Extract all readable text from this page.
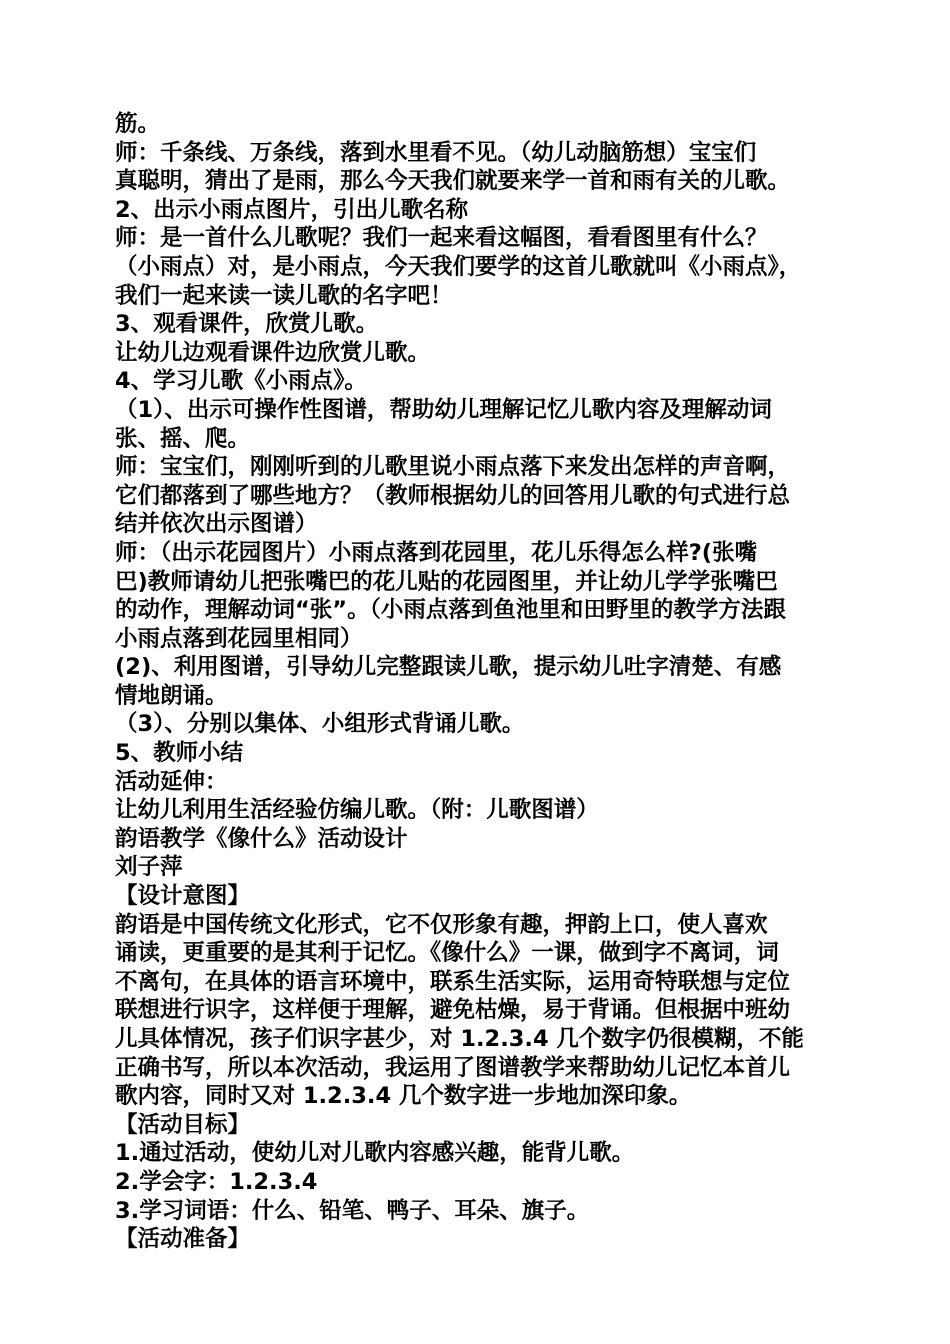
筋。
师：千条线、万条线，落到水里看不见。（幼儿动脑筋想）宝宝们
真聪明，猜出了是雨，那么今天我们就要来学一首和雨有关的儿歌。
2、出示小雨点图片，引出儿歌名称
师：是一首什么儿歌呢？我们一起来看这幅图，看看图里有什么？
（小雨点）对，是小雨点，今天我们要学的这首儿歌就叫《小雨点》，
我们一起来读一读儿歌的名字吧！
3、观看课件，欣赏儿歌。
让幼儿边观看课件边欣赏儿歌。
4、学习儿歌《小雨点》。
（1）、出示可操作性图谱，帮助幼儿理解记忆儿歌内容及理解动词
张、摇、爬。
师：宝宝们，刚刚听到的儿歌里说小雨点落下来发出怎样的声音啊，
它们都落到了哪些地方？（教师根据幼儿的回答用儿歌的句式进行总
结并依次出示图谱）
师：（出示花园图片）小雨点落到花园里，花儿乐得怎么样?(张嘴
巴)教师请幼儿把张嘴巴的花儿贴的花园图里，并让幼儿学学张嘴巴
的动作，理解动词“张”。（小雨点落到鱼池里和田野里的教学方法跟
小雨点落到花园里相同）
(2)、利用图谱，引导幼儿完整跟读儿歌，提示幼儿吐字清楚、有感
情地朗诵。
（3）、分别以集体、小组形式背诵儿歌。
5、教师小结
活动延伸：
让幼儿利用生活经验仿编儿歌。（附：儿歌图谱）
韵语教学《像什么》活动设计
刘子萍
【设计意图】
韵语是中国传统文化形式，它不仅形象有趣，押韵上口，使人喜欢
诵读，更重要的是其利于记忆。《像什么》一课，做到字不离词，词
不离句，在具体的语言环境中，联系生活实际，运用奇特联想与定位
联想进行识字，这样便于理解，避免枯燥，易于背诵。但根据中班幼
儿具体情况，孩子们识字甚少，对 1.2.3.4 几个数字仍很模糊，不能
正确书写，所以本次活动，我运用了图谱教学来帮助幼儿记忆本首儿
歌内容，同时又对 1.2.3.4 几个数字进一步地加深印象。
【活动目标】
1.通过活动，使幼儿对儿歌内容感兴趣，能背儿歌。
2.学会字：1.2.3.4
3.学习词语：什么、铅笔、鸭子、耳朵、旗子。
【活动准备】
